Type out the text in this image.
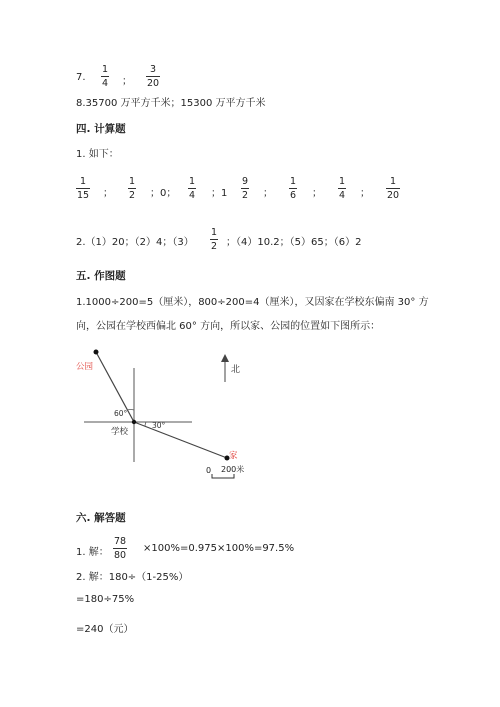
7.
1
4 ；
3
20
8.35700 万平方千米；15300 万平方千米
四. 计算题
1. 如下：
1
15 ；
1
2 ；0；
1
4 ；1
9
2 ；
1
6 ；
1
4 ；
1
20
2.（1）20；（2）4；（3）
1
2 ；（4）10.2；（5）65；（6）2
五. 作图题
1.1000÷200=5（厘米），800÷200=4（厘米），又因家在学校东偏南 30° 方
向，公园在学校西偏北 60° 方向，所以家、公园的位置如下图所示：
公园
60°
学校
30°
北
家
0 200米
六. 解答题
1. 解：
78
80
×100%=0.975×100%=97.5%
2. 解：180÷（1-25%）
=180÷75%
=240（元）
